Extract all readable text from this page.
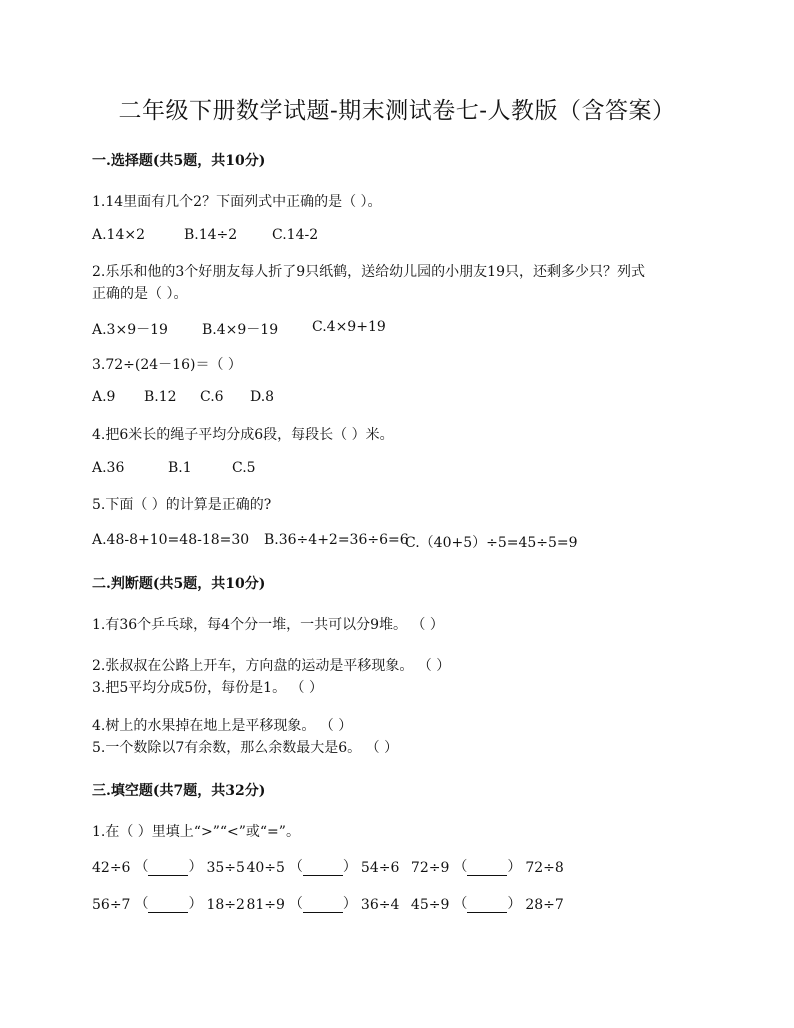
二年级下册数学试题-期末测试卷七-人教版（含答案）
一.选择题(共5题，共10分)
1.14里面有几个2？下面列式中正确的是（ ）。
A.14×2	B.14÷2	C.14-2
2.乐乐和他的3个好朋友每人折了9只纸鹤，送给幼儿园的小朋友19只，还剩多少只？列式
正确的是（ ）。
A.3×9－19	B.4×9－19	C.4×9+19
3.72÷(24－16)＝（ ）
A.9	B.12	C.6	D.8
4.把6米长的绳子平均分成6段，每段长（ ）米。
A.36	B.1	C.5
5.下面（ ）的计算是正确的?
A.48-8+10=48-18=30	B.36÷4+2=36÷6=6
C.（40+5）÷5=45÷5=9
二.判断题(共5题，共10分)
1.有36个乒乓球，每4个分一堆，一共可以分9堆。 （ ）
2.张叔叔在公路上开车，方向盘的运动是平移现象。 （ ）
3.把5平均分成5份，每份是1。 （ ）
4.树上的水果掉在地上是平移现象。 （ ）
5.一个数除以7有余数，那么余数最大是6。 （ ）
三.填空题(共7题，共32分)
1.在（ ）里填上“>”“<”或“=”。
42÷6 （	） 35÷5 40÷5 （	） 54÷6 72÷9 （	） 72÷8
56÷7 （	） 18÷2 81÷9 （	） 36÷4 45÷9 （	） 28÷7
